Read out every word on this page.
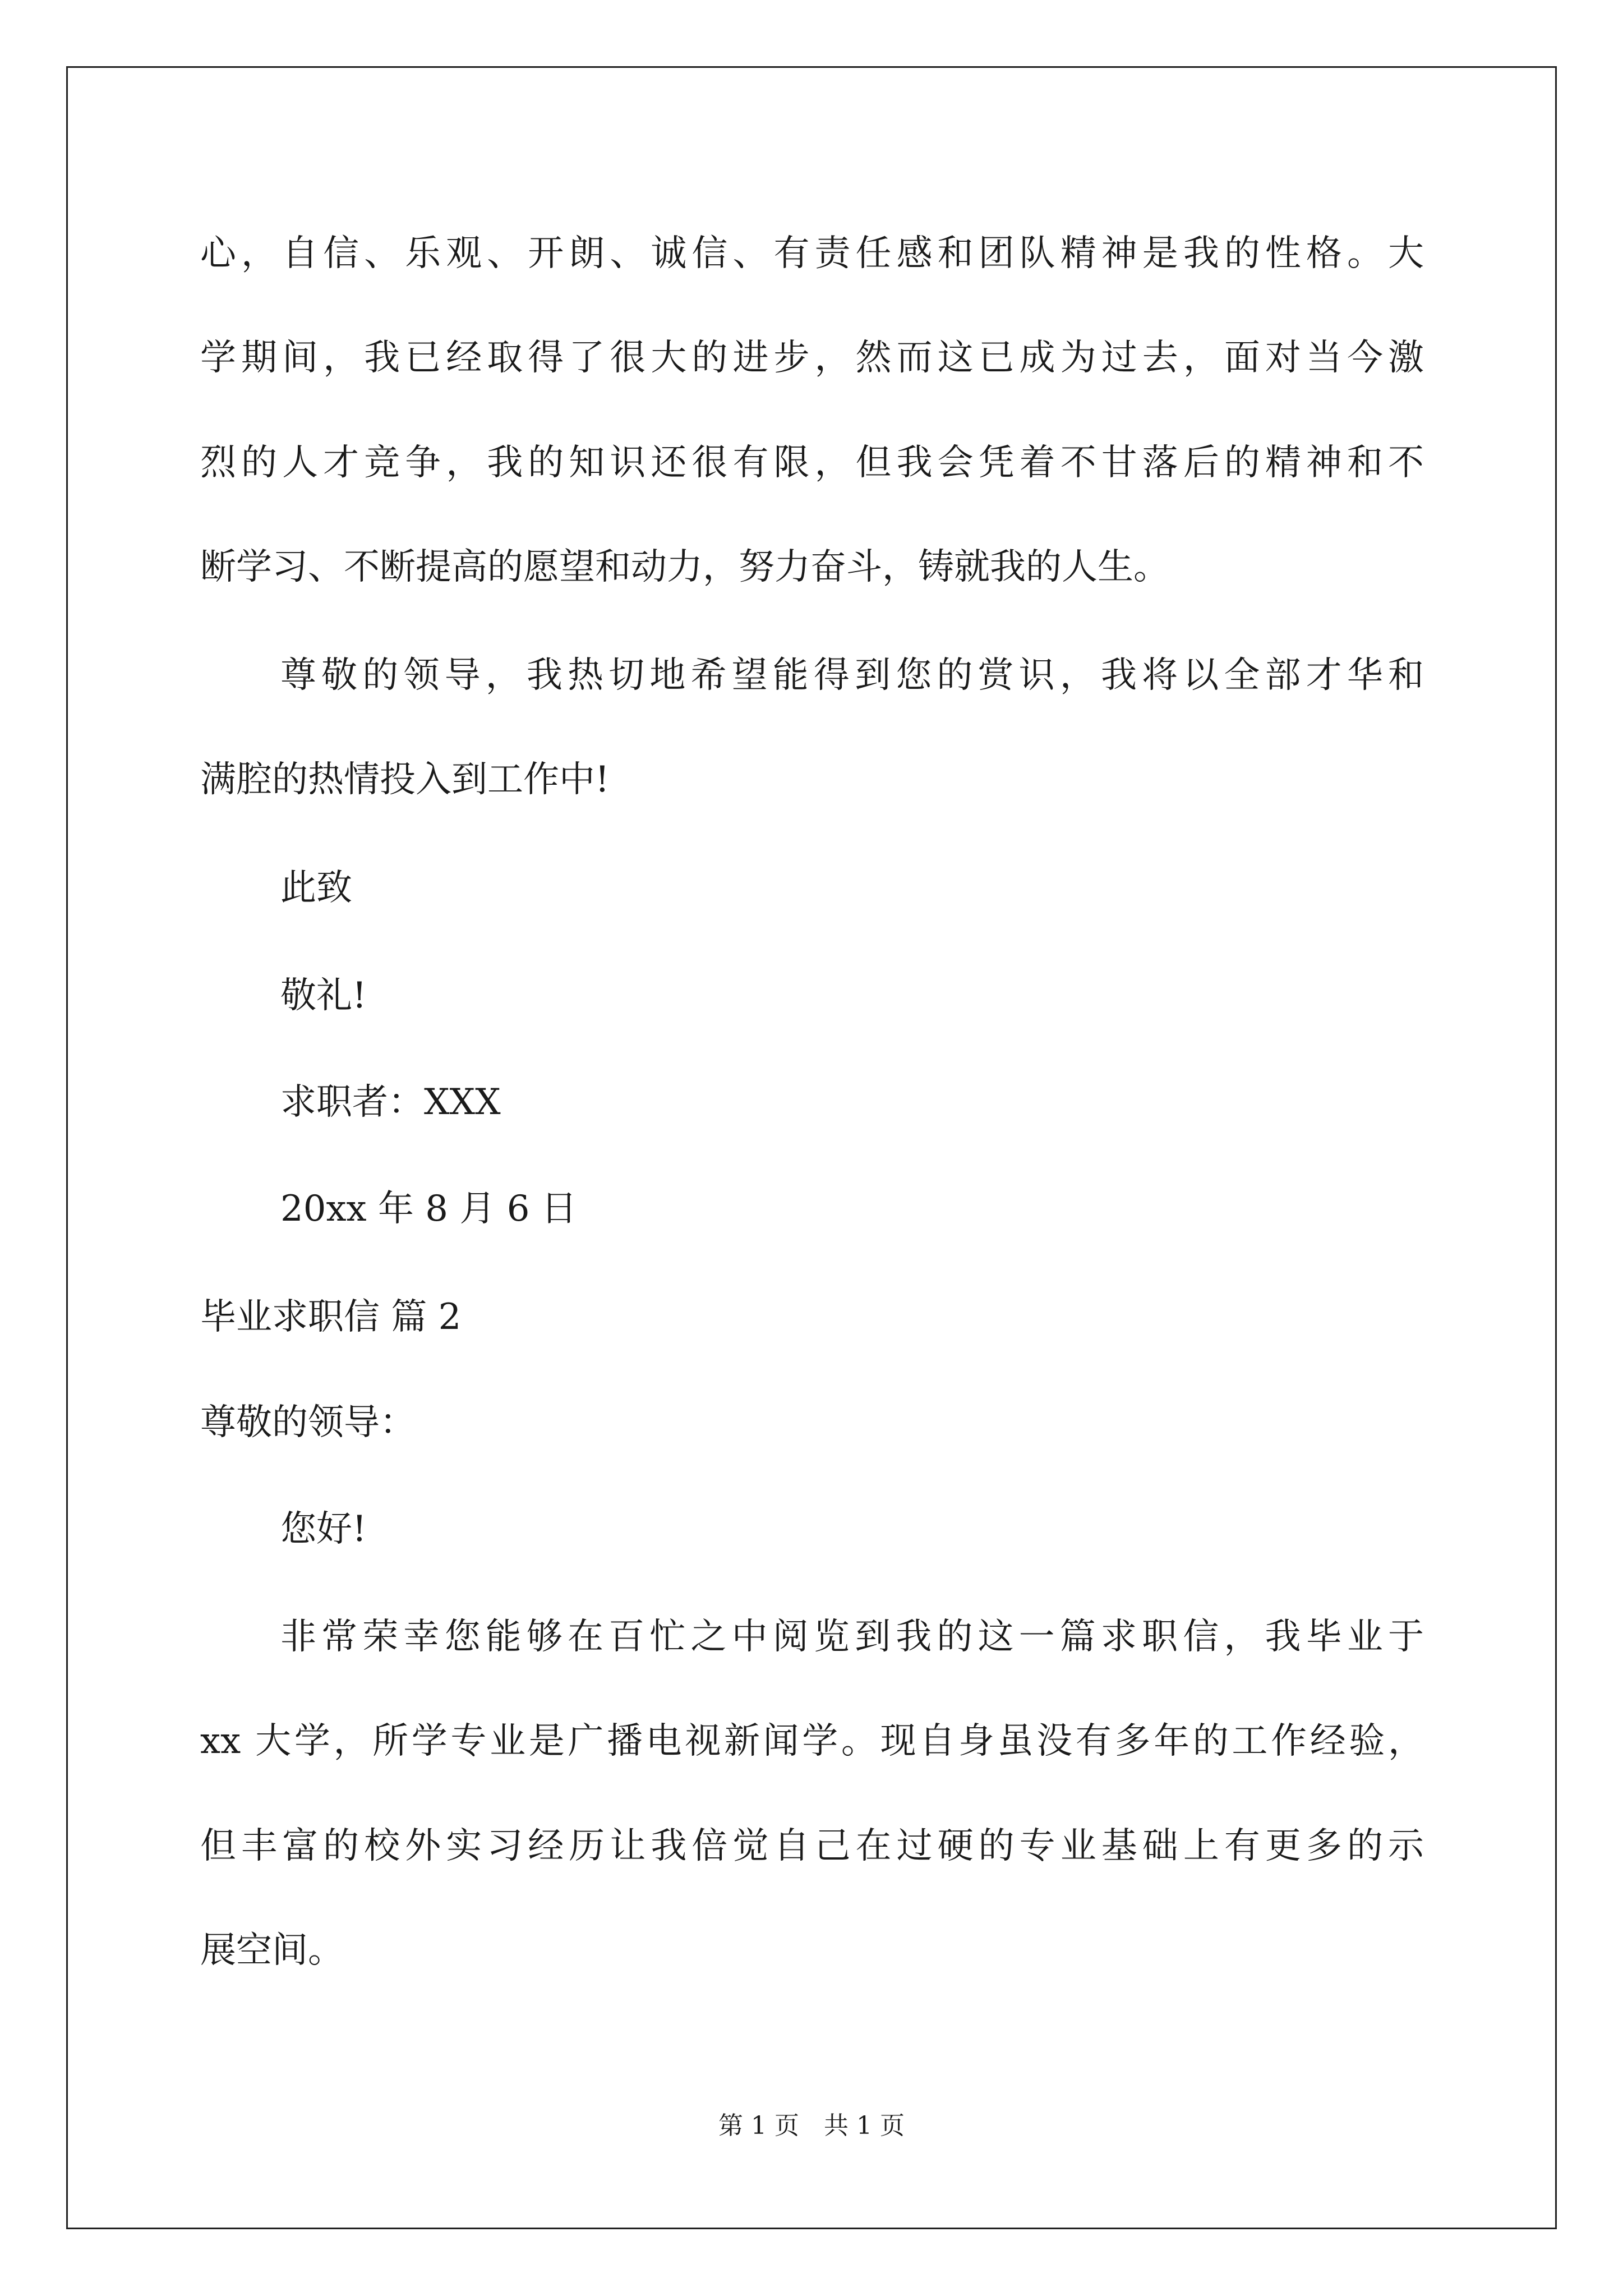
心，自信、乐观、开朗、诚信、有责任感和团队精神是我的性格。大
学期间，我已经取得了很大的进步，然而这已成为过去，面对当今激
烈的人才竞争，我的知识还很有限，但我会凭着不甘落后的精神和不
断学习、不断提高的愿望和动力，努力奋斗，铸就我的人生。
尊敬的领导，我热切地希望能得到您的赏识，我将以全部才华和
满腔的热情投入到工作中!
此致
敬礼!
求职者：XXX
20xx 年 8 月 6 日
毕业求职信 篇 2
尊敬的领导：
您好!
非常荣幸您能够在百忙之中阅览到我的这一篇求职信，我毕业于
xx 大学，所学专业是广播电视新闻学。现自身虽没有多年的工作经验，
但丰富的校外实习经历让我倍觉自己在过硬的专业基础上有更多的示
展空间。
第 1 页　共 1 页
